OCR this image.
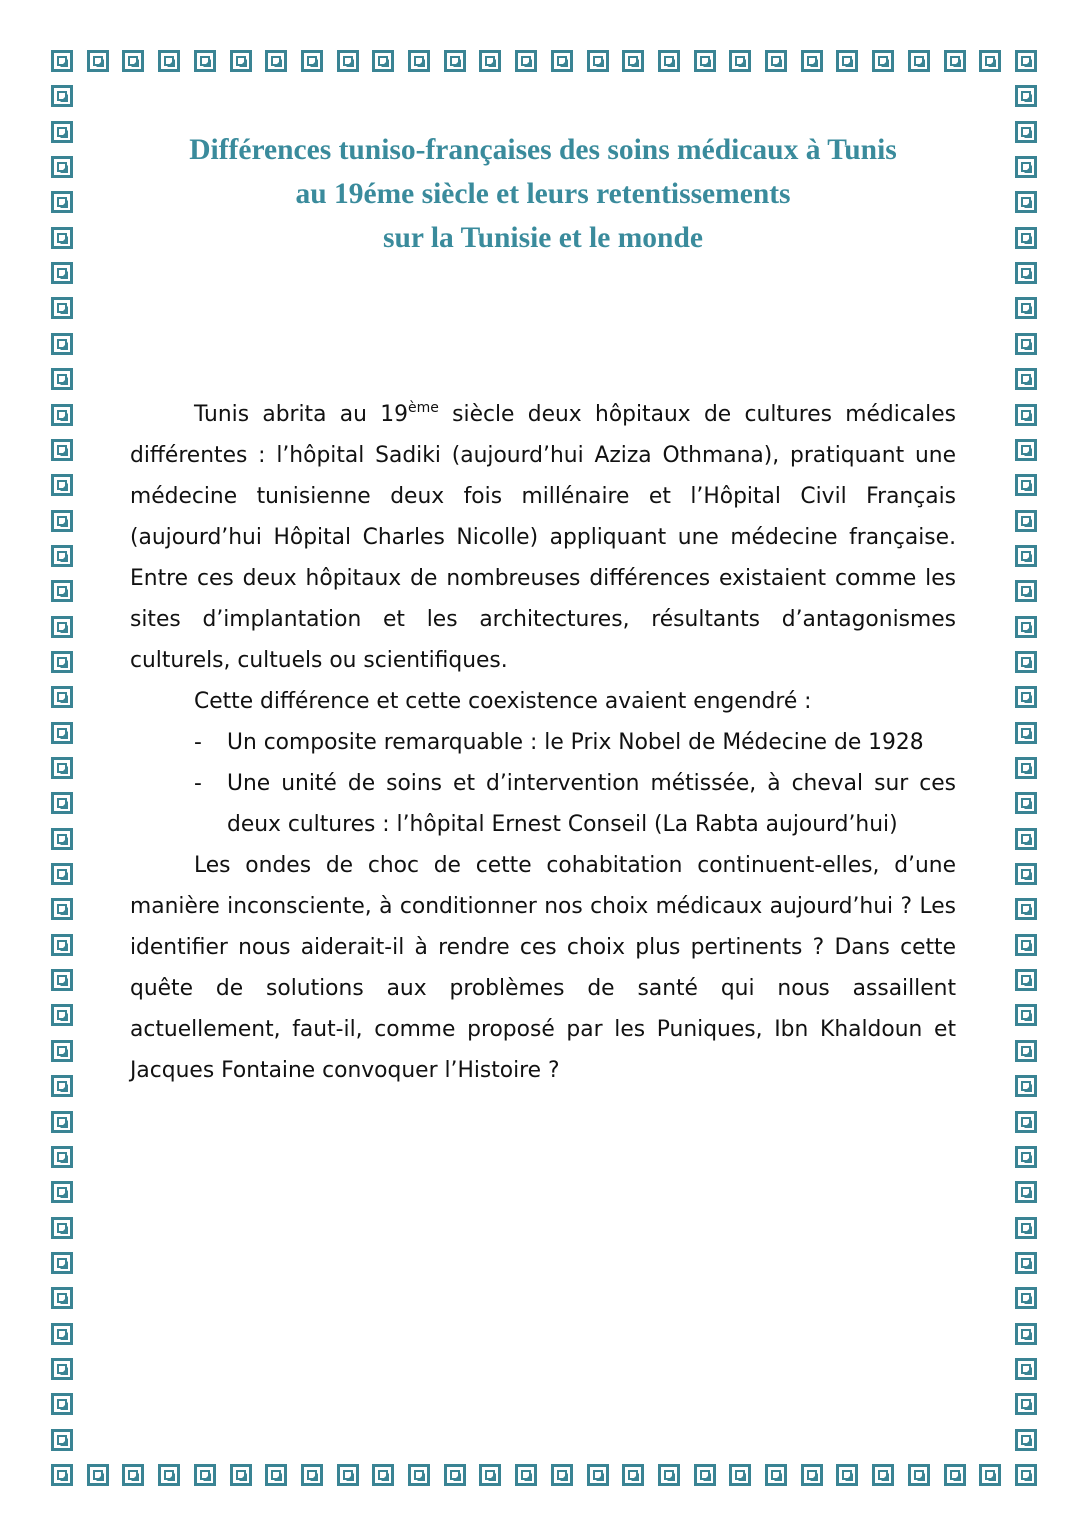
Différences tuniso-françaises des soins médicaux à Tunis
au 19éme siècle et leurs retentissements
sur la Tunisie et le monde

Tunis abrita au 19ème siècle deux hôpitaux de cultures médicales différentes : l’hôpital Sadiki (aujourd’hui Aziza Othmana), pratiquant une médecine tunisienne deux fois millénaire et l’Hôpital Civil Français (aujourd’hui Hôpital Charles Nicolle) appliquant une médecine française. Entre ces deux hôpitaux de nombreuses différences existaient comme les sites d’implantation et les architectures, résultants d’antagonismes culturels, cultuels ou scientifiques.

Cette différence et cette coexistence avaient engendré :

- Un composite remarquable : le Prix Nobel de Médecine de 1928
- Une unité de soins et d’intervention métissée, à cheval sur ces deux cultures : l’hôpital Ernest Conseil (La Rabta aujourd’hui)

Les ondes de choc de cette cohabitation continuent-elles, d’une manière inconsciente, à conditionner nos choix médicaux aujourd’hui ? Les identifier nous aiderait-il à rendre ces choix plus pertinents ? Dans cette quête de solutions aux problèmes de santé qui nous assaillent actuellement, faut-il, comme proposé par les Puniques, Ibn Khaldoun et Jacques Fontaine convoquer l’Histoire ?
